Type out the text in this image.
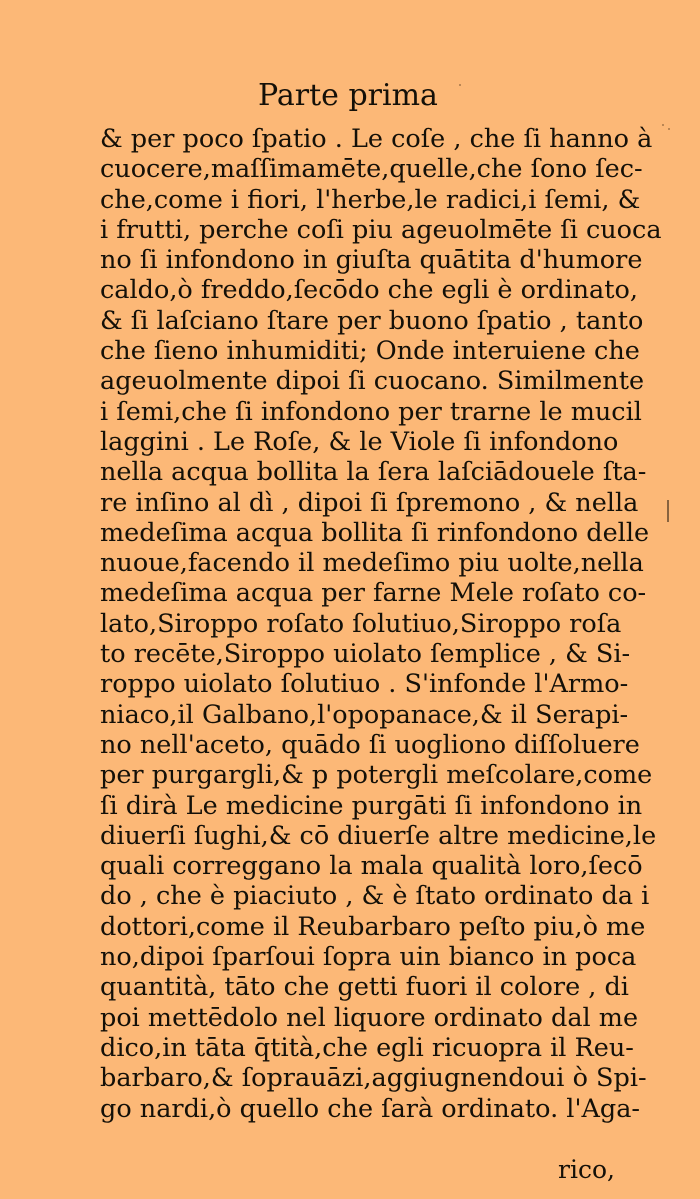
Parte prima
& per poco ſpatio . Le coſe , che ſi hanno à
cuocere,maſſimamēte,quelle,che ſono ſec-
che,come i fiori, l'herbe,le radici,i ſemi, &
i frutti, perche coſi piu ageuolmēte ſi cuoca
no ſi infondono in giuſta quātita d'humore
caldo,ò freddo,ſecōdo che egli è ordinato,
& ſi laſciano ſtare per buono ſpatio , tanto
che ſieno inhumiditi; Onde interuiene che
ageuolmente dipoi ſi cuocano. Similmente
i ſemi,che ſi infondono per trarne le mucil
laggini . Le Roſe, & le Viole ſi infondono
nella acqua bollita la ſera laſciādouele ſta-
re inſino al dì , dipoi ſi ſpremono , & nella
medeſima acqua bollita ſi rinfondono delle
nuoue,facendo il medeſimo piu uolte,nella
medeſima acqua per farne Mele roſato co-
lato,Siroppo roſato ſolutiuo,Siroppo roſa
to recēte,Siroppo uiolato ſemplice , & Si-
roppo uiolato ſolutiuo . S'infonde l'Armo-
niaco,il Galbano,l'opopanace,& il Serapi-
no nell'aceto, quādo ſi uogliono diſſoluere
per purgargli,& p potergli meſcolare,come
ſi dirà Le medicine purgāti ſi infondono in
diuerſi ſughi,& cō diuerſe altre medicine,le
quali correggano la mala qualità loro,ſecō
do , che è piaciuto , & è ſtato ordinato da i
dottori,come il Reubarbaro peſto piu,ò me
no,dipoi ſparſoui ſopra uin bianco in poca
quantità, tāto che getti fuori il colore , di
poi mettēdolo nel liquore ordinato dal me
dico,in tāta q̄tità,che egli ricuopra il Reu-
barbaro,& ſoprauāzi,aggiugnendoui ò Spi-
go nardi,ò quello che ſarà ordinato. l'Aga-
rico,
